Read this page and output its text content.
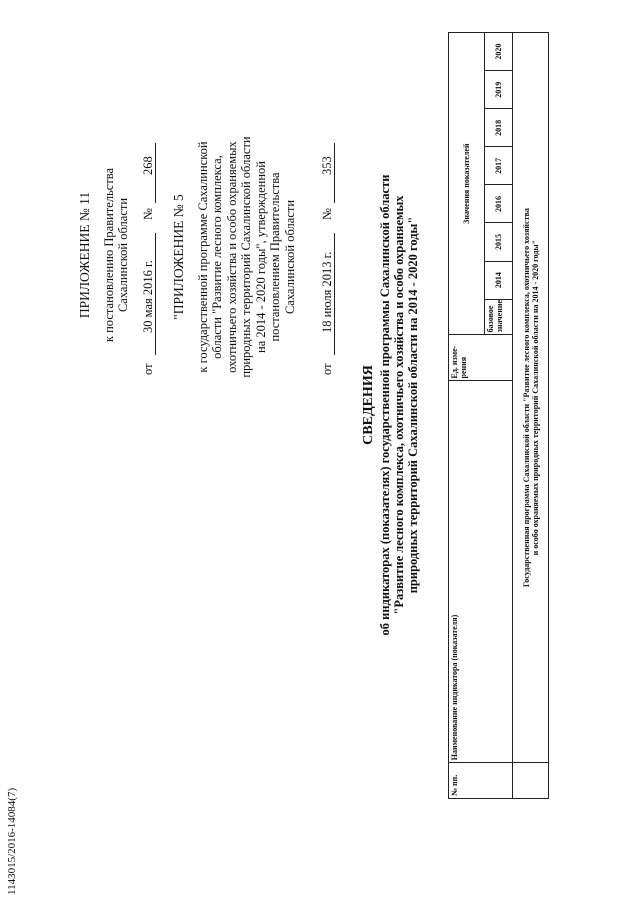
ПРИЛОЖЕНИЕ № 11 к постановлению Правительства Сахалинской области
от
30 мая 2016 г.
№
268
"ПРИЛОЖЕНИЕ № 5 к государственной программе Сахалинской области "Развитие лесного комплекса, охотничьего хозяйства и особо охраняемых природных территорий Сахалинской области на 2014 - 2020 годы", утвержденной постановлением Правительства Сахалинской области
от
18 июля 2013 г.
№
353
СВЕДЕНИЯ об индикаторах (показателях) государственной программы Сахалинской области "Развитие лесного комплекса, охотничьего хозяйства и особо охраняемых природных территорий Сахалинской области на 2014 - 2020 годы"
№ пп.	Наименование индикатора (показателя)	Ед. изме-рения	Значения показателей							
			базовое значение	2014	2015	2016	2017	2018	2019	2020

	Государственная программа Сахалинской области "Развитие лесного комплекса, охотничьего хозяйства и особо охраняемых природных территорий Сахалинской области на 2014 - 2020 годы"									
1143015/2016-14084(7)
